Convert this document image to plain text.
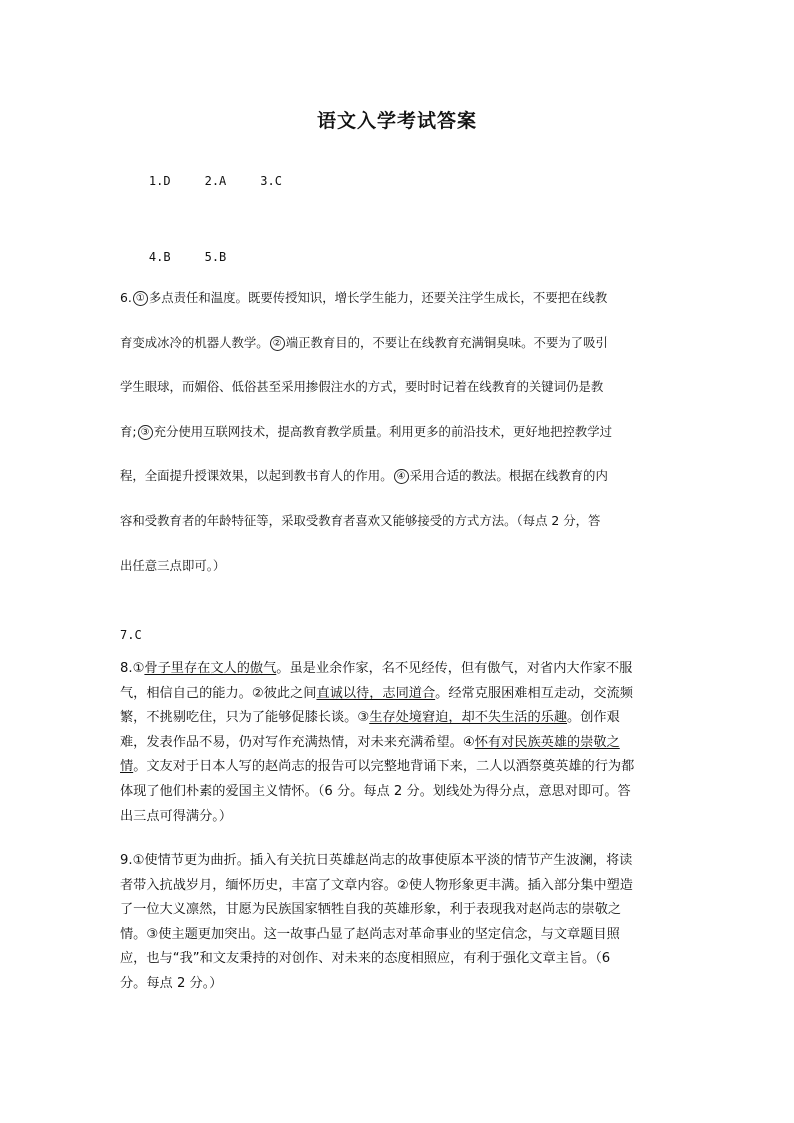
语文入学考试答案

1.D	2.A	3.C

4.B	5.B

6. ① 多点责任和温度。既要传授知识，增长学生能力，还要关注学生成长，不要把在线教
育变成冰冷的机器人教学。 ② 端正教育目的，不要让在线教育充满铜臭味。不要为了吸引
学生眼球，而媚俗、低俗甚至采用掺假注水的方式，要时时记着在线教育的关键词仍是教
育; ③ 充分使用互联网技术，提高教育教学质量。利用更多的前沿技术，更好地把控教学过
程，全面提升授课效果，以起到教书育人的作用。 ④ 采用合适的教法。根据在线教育的内
容和受教育者的年龄特征等，采取受教育者喜欢又能够接受的方式方法。（每点 2 分，答
出任意三点即可。）
7.C
8.①骨子里存在文人的傲气。虽是业余作家，名不见经传，但有傲气，对省内大作家不服
气，相信自己的能力。②彼此之间直诚以待，志同道合。经常克服困难相互走动，交流频
繁，不挑剔吃住，只为了能够促膝长谈。③生存处境窘迫，却不失生活的乐趣。创作艰
难，发表作品不易，仍对写作充满热情，对未来充满希望。④怀有对民族英雄的崇敬之
情。文友对于日本人写的赵尚志的报告可以完整地背诵下来，二人以酒祭奠英雄的行为都
体现了他们朴素的爱国主义情怀。（6 分。每点 2 分。划线处为得分点，意思对即可。答
出三点可得满分。）
9.①使情节更为曲折。插入有关抗日英雄赵尚志的故事使原本平淡的情节产生波澜，将读
者带入抗战岁月，缅怀历史，丰富了文章内容。②使人物形象更丰满。插入部分集中塑造
了一位大义凛然，甘愿为民族国家牺牲自我的英雄形象，利于表现我对赵尚志的崇敬之
情。③使主题更加突出。这一故事凸显了赵尚志对革命事业的坚定信念，与文章题目照
应，也与“我”和文友秉持的对创作、对未来的态度相照应，有利于强化文章主旨。（6
分。每点 2 分。）
